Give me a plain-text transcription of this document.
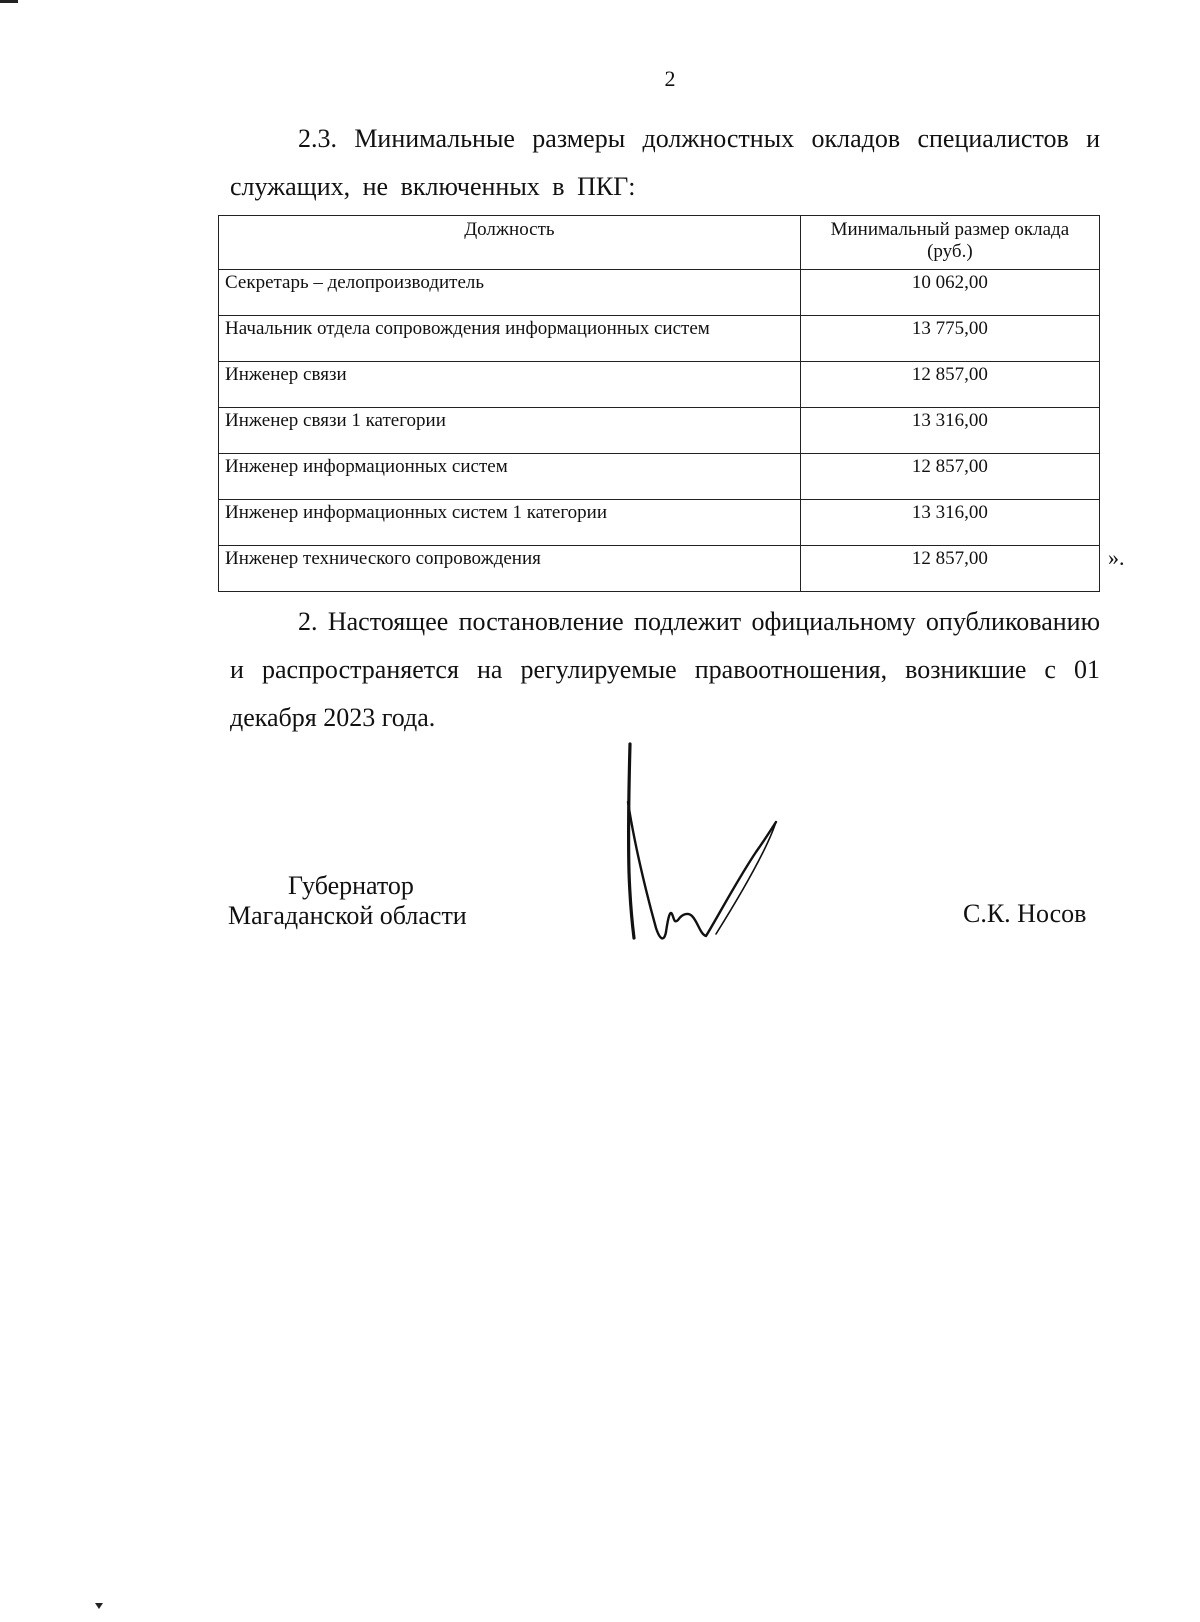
2

2.3. Минимальные размеры должностных окладов специалистов и служащих, не включенных в ПКГ:

Должность	Минимальный размер оклада (руб.)
Секретарь – делопроизводитель	10 062,00
Начальник отдела сопровождения информационных систем	13 775,00
Инженер связи	12 857,00
Инженер связи 1 категории	13 316,00
Инженер информационных систем	12 857,00
Инженер информационных систем 1 категории	13 316,00
Инженер технического сопровождения	12 857,00	».

2. Настоящее постановление подлежит официальному опубликованию и распространяется на регулируемые правоотношения, возникшие с 01 декабря 2023 года.

Губернатор
Магаданской области	С.К. Носов
